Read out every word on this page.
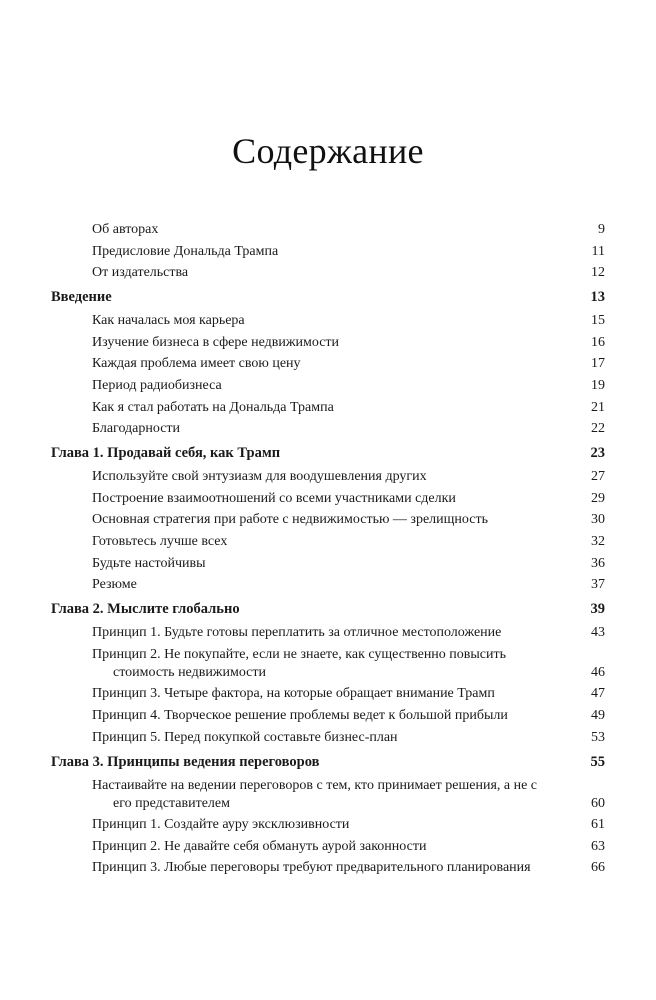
Содержание
Об авторах	9
Предисловие Дональда Трампа	11
От издательства	12
Введение	13
Как началась моя карьера	15
Изучение бизнеса в сфере недвижимости	16
Каждая проблема имеет свою цену	17
Период радиобизнеса	19
Как я стал работать на Дональда Трампа	21
Благодарности	22
Глава 1. Продавай себя, как Трамп	23
Используйте свой энтузиазм для воодушевления других	27
Построение взаимоотношений со всеми участниками сделки	29
Основная стратегия при работе с недвижимостью — зрелищность	30
Готовьтесь лучше всех	32
Будьте настойчивы	36
Резюме	37
Глава 2. Мыслите глобально	39
Принцип 1. Будьте готовы переплатить за отличное местоположение	43
Принцип 2. Не покупайте, если не знаете, как существенно повысить стоимость недвижимости	46
Принцип 3. Четыре фактора, на которые обращает внимание Трамп	47
Принцип 4. Творческое решение проблемы ведет к большой прибыли	49
Принцип 5. Перед покупкой составьте бизнес-план	53
Глава 3. Принципы ведения переговоров	55
Настаивайте на ведении переговоров с тем, кто принимает решения, а не с его представителем	60
Принцип 1. Создайте ауру эксклюзивности	61
Принцип 2. Не давайте себя обмануть аурой законности	63
Принцип 3. Любые переговоры требуют предварительного планирования	66
